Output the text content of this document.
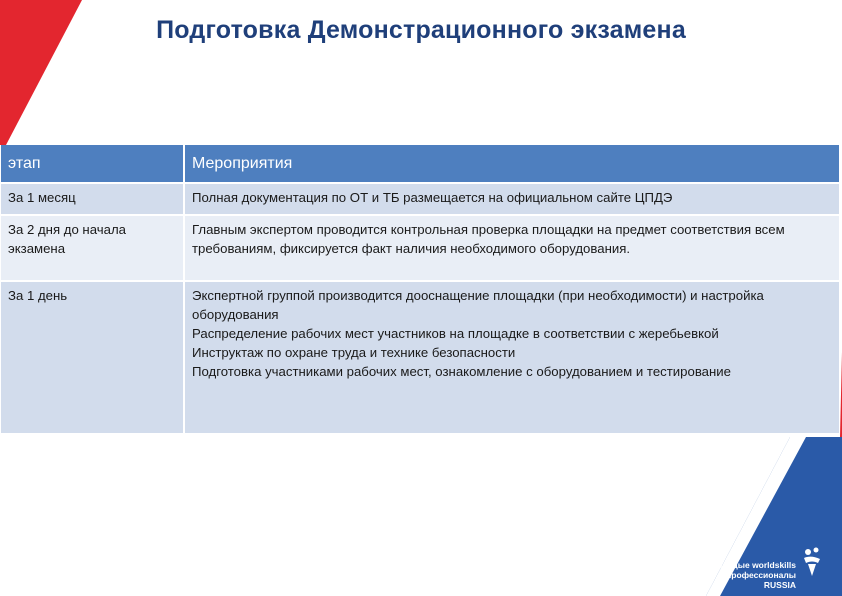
Подготовка Демонстрационного экзамена
этап	Мероприятия
За 1 месяц	Полная документация по ОТ и ТБ размещается на официальном сайте ЦПДЭ

За 2 дня до начала экзамена	Главным экспертом проводится контрольная проверка площадки на предмет соответствия всем требованиям, фиксируется факт наличия необходимого оборудования.

За 1 день	Экспертной группой производится дооснащение площадки (при необходимости) и настройка оборудования
Распределение рабочих мест участников на площадке в соответствии с жеребьевкой
Инструктаж по охране труда и технике безопасности
Подготовка участниками рабочих мест, ознакомление с оборудованием и тестирование
молодые worldskills
профессионалы RUSSIA
